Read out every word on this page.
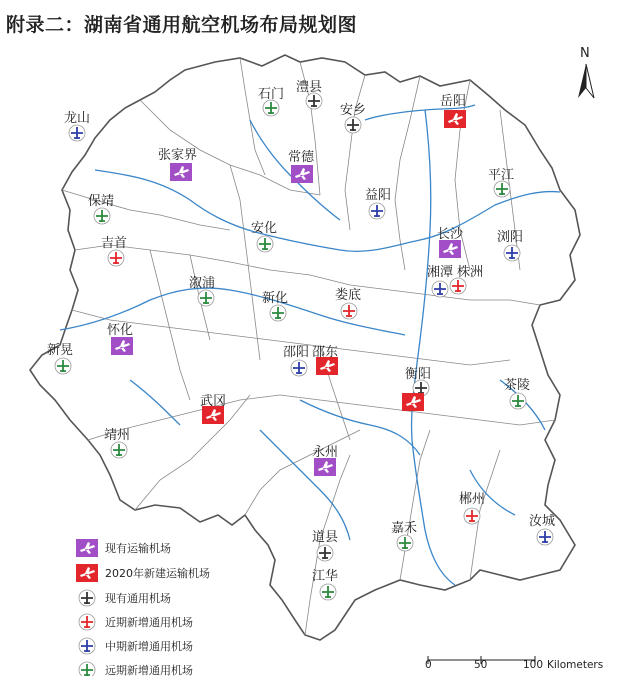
附录二：湖南省通用航空机场布局规划图
N
龙山
石门 澧县
安乡
岳阳
张家界	常德
平江
保靖	益阳
安化	长沙	浏阳
吉首
湘潭 株洲
溆浦
新化	娄底
怀化
新晃	邵阳 邵东
衡阳
茶陵
武冈
靖州
永州
郴州
道县
嘉禾	汝城
江华
现有运输机场
2020年新建运输机场
现有通用机场
近期新增通用机场
中期新增通用机场
远期新增通用机场	0	50	100 Kilometers
